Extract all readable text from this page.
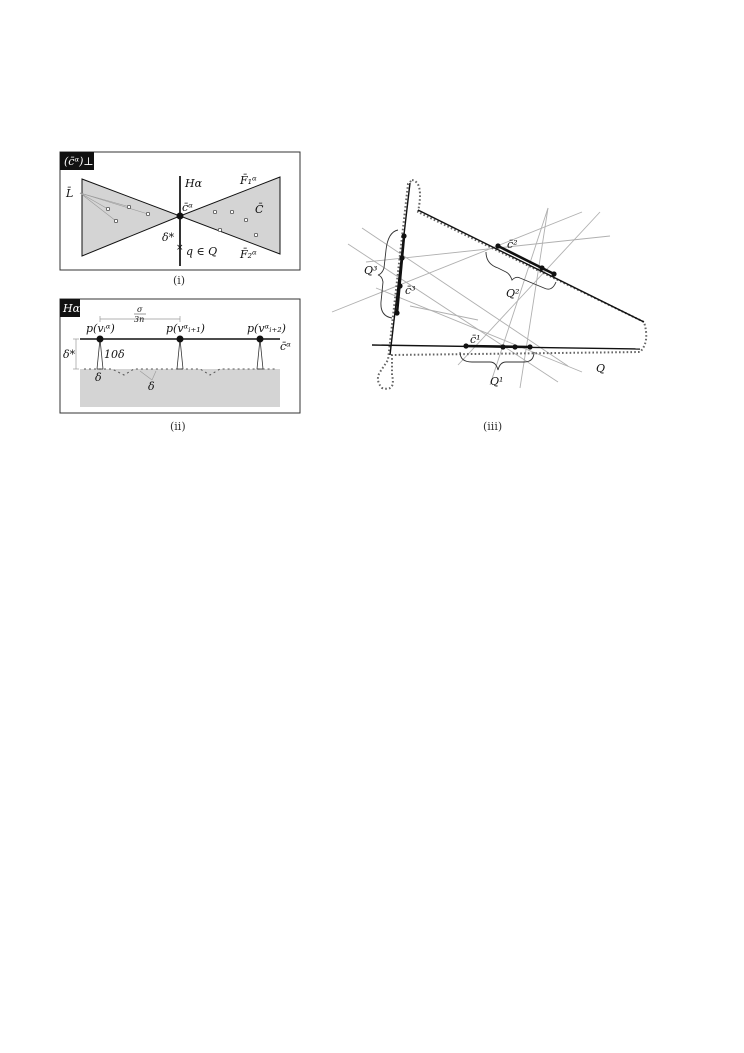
(c̄ᵅ)⊥
×
Hα	F̄₁ᵅ
F̄₂ᵅ
L̄
C̄
c̄ᵅ
δ*
q ∈ Q
(i)
Hα	σ
3n
p(vᵢᵅ)	p(vᵅᵢ₊₁)	p(vᵅᵢ₊₂)
c̄ᵅ
δ*	10δ
δ
δ
(ii)
Q³
c̄³
c̄²
Q²
c̄¹
Q¹
Q
(iii)
